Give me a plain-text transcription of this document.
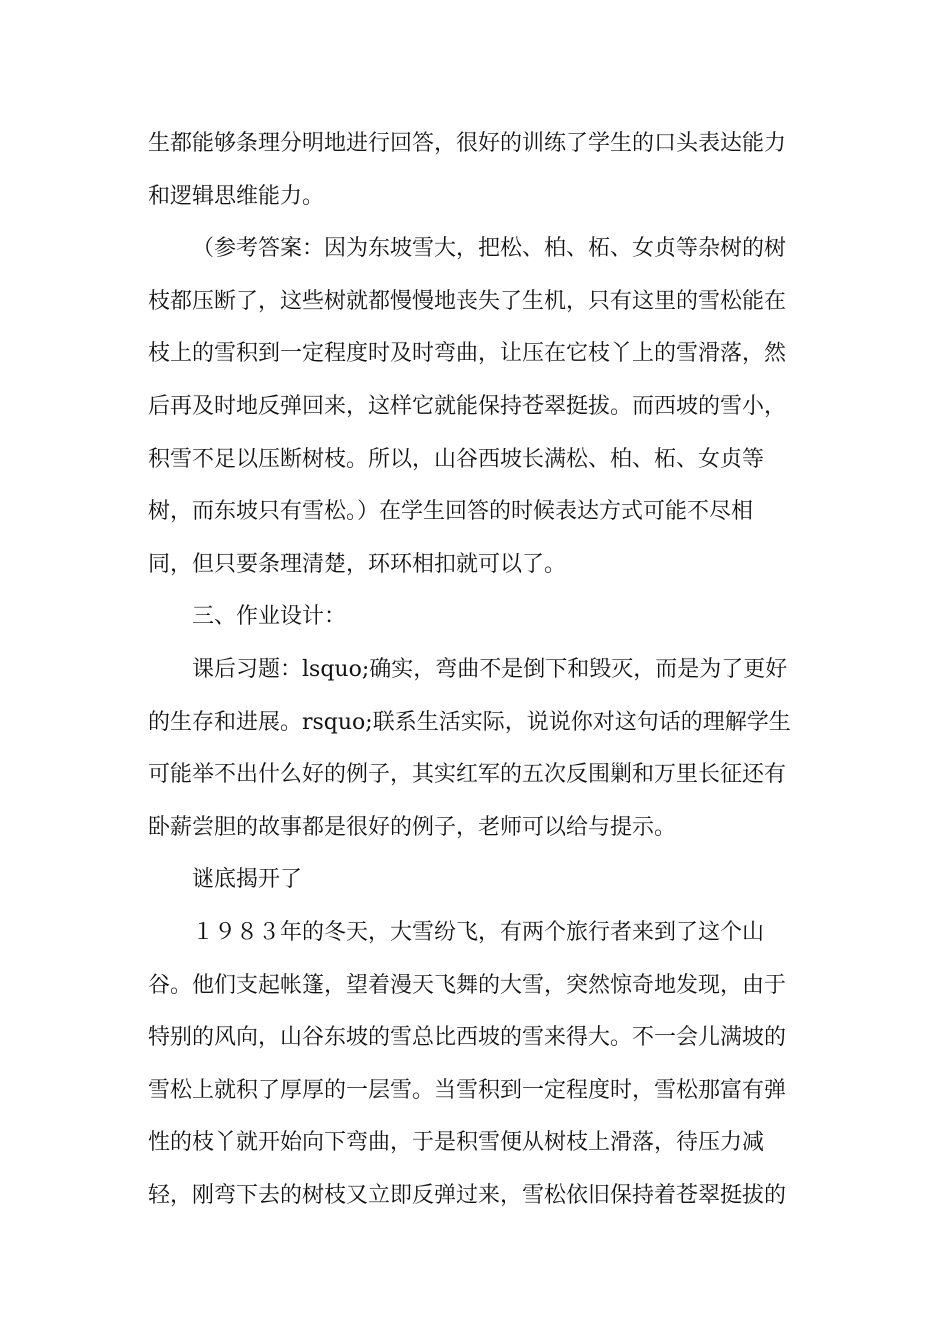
生都能够条理分明地进行回答，很好的训练了学生的口头表达能力
和逻辑思维能力。
（参考答案：因为东坡雪大，把松、柏、柘、女贞等杂树的树
枝都压断了，这些树就都慢慢地丧失了生机，只有这里的雪松能在
枝上的雪积到一定程度时及时弯曲，让压在它枝丫上的雪滑落，然
后再及时地反弹回来，这样它就能保持苍翠挺拔。而西坡的雪小，
积雪不足以压断树枝。所以，山谷西坡长满松、柏、柘、女贞等
树，而东坡只有雪松。）在学生回答的时候表达方式可能不尽相
同，但只要条理清楚，环环相扣就可以了。
三、作业设计：
课后习题：lsquo;确实，弯曲不是倒下和毁灭，而是为了更好
的生存和进展。rsquo;联系生活实际，说说你对这句话的理解学生
可能举不出什么好的例子，其实红军的五次反围剿和万里长征还有
卧薪尝胆的故事都是很好的例子，老师可以给与提示。
谜底揭开了
１９８３年的冬天，大雪纷飞，有两个旅行者来到了这个山
谷。他们支起帐篷，望着漫天飞舞的大雪，突然惊奇地发现，由于
特别的风向，山谷东坡的雪总比西坡的雪来得大。不一会儿满坡的
雪松上就积了厚厚的一层雪。当雪积到一定程度时，雪松那富有弹
性的枝丫就开始向下弯曲，于是积雪便从树枝上滑落，待压力减
轻，刚弯下去的树枝又立即反弹过来，雪松依旧保持着苍翠挺拔的
